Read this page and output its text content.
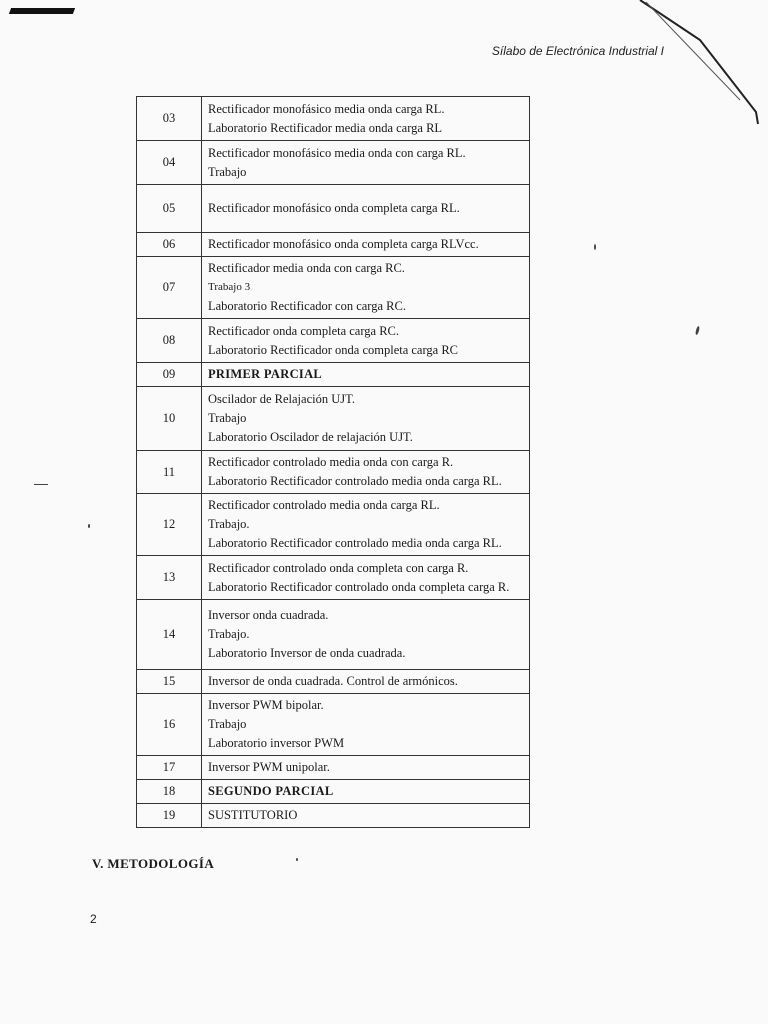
Sílabo de Electrónica Industrial I
03	Rectificador monofásico media onda carga RL.
Laboratorio Rectificador media onda carga RL

04	Rectificador monofásico media onda con carga RL.
Trabajo

05	Rectificador monofásico onda completa carga RL.

06	Rectificador monofásico onda completa carga RLVcc.

07	Rectificador media onda con carga RC.
Trabajo 3
Laboratorio Rectificador con carga RC.

08	Rectificador onda completa carga RC.
Laboratorio Rectificador onda completa carga RC

09	PRIMER PARCIAL

10	Oscilador de Relajación UJT.
Trabajo
Laboratorio Oscilador de relajación UJT.

11	Rectificador controlado media onda con carga R.
Laboratorio Rectificador controlado media onda carga RL.

12	Rectificador controlado media onda carga RL.
Trabajo.
Laboratorio Rectificador controlado media onda carga RL.

13	Rectificador controlado onda completa con carga R.
Laboratorio Rectificador controlado onda completa carga R.

14	Inversor onda cuadrada.
Trabajo.
Laboratorio Inversor de onda cuadrada.

15	Inversor de onda cuadrada. Control de armónicos.

16	Inversor PWM bipolar.
Trabajo
Laboratorio inversor PWM

17	Inversor PWM unipolar.

18	SEGUNDO PARCIAL

19	SUSTITUTORIO
V. METODOLOGÍA
2
